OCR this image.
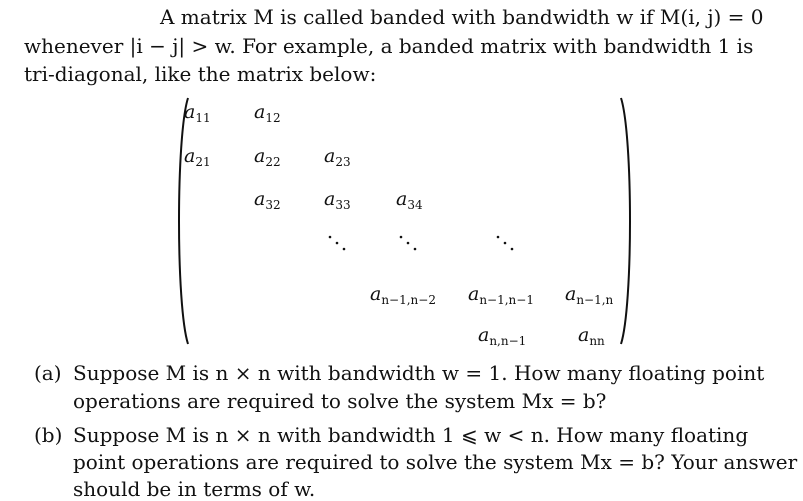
A matrix M is called banded with bandwidth w if M(i, j) = 0
whenever |i − j| > w. For example, a banded matrix with bandwidth 1 is
tri-diagonal, like the matrix below:
$a_{11}$ $a_{12}$
$a_{21}$ $a_{22}$ $a_{23}$
$a_{32}$ $a_{33}$ $a_{34}$
$a_{n-1,n-2}$ $a_{n-1,n-1}$ $a_{n-1,n}$
$a_{n,n-1}$	$a_{nn}$
(a) Suppose M is n × n with bandwidth w = 1. How many floating point
operations are required to solve the system Mx = b?
(b) Suppose M is n × n with bandwidth 1 ⩽ w < n. How many floating
point operations are required to solve the system Mx = b? Your answer
should be in terms of w.
